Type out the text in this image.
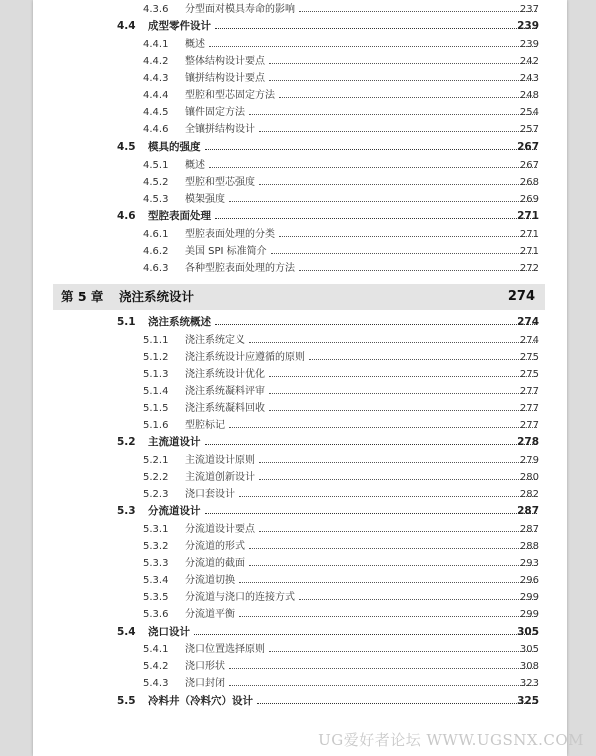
4.3.6 分型面对模具寿命的影响	237
4.4 成型零件设计	239
4.4.1 概述	239
4.4.2 整体结构设计要点	242
4.4.3 镶拼结构设计要点	243
4.4.4 型腔和型芯固定方法	248
4.4.5 镶件固定方法	254
4.4.6 全镶拼结构设计	257
4.5 模具的强度	267
4.5.1 概述	267
4.5.2 型腔和型芯强度	268
4.5.3 模架强度	269
4.6 型腔表面处理	271
4.6.1 型腔表面处理的分类	271
4.6.2 美国 SPI 标准简介	271
4.6.3 各种型腔表面处理的方法	272
第 5 章 浇注系统设计	274
5.1 浇注系统概述	274
5.1.1 浇注系统定义	274
5.1.2 浇注系统设计应遵循的原则	275
5.1.3 浇注系统设计优化	275
5.1.4 浇注系统凝料评审	277
5.1.5 浇注系统凝料回收	277
5.1.6 型腔标记	277
5.2 主流道设计	278
5.2.1 主流道设计原则	279
5.2.2 主流道创新设计	280
5.2.3 浇口套设计	282
5.3 分流道设计	287
5.3.1 分流道设计要点	287
5.3.2 分流道的形式	288
5.3.3 分流道的截面	293
5.3.4 分流道切换	296
5.3.5 分流道与浇口的连接方式	299
5.3.6 分流道平衡	299
5.4 浇口设计	305
5.4.1 浇口位置选择原则	305
5.4.2 浇口形状	308
5.4.3 浇口封闭	323
5.5 冷料井（冷料穴）设计	325
UG爱好者论坛 WWW.UGSNX.COM
